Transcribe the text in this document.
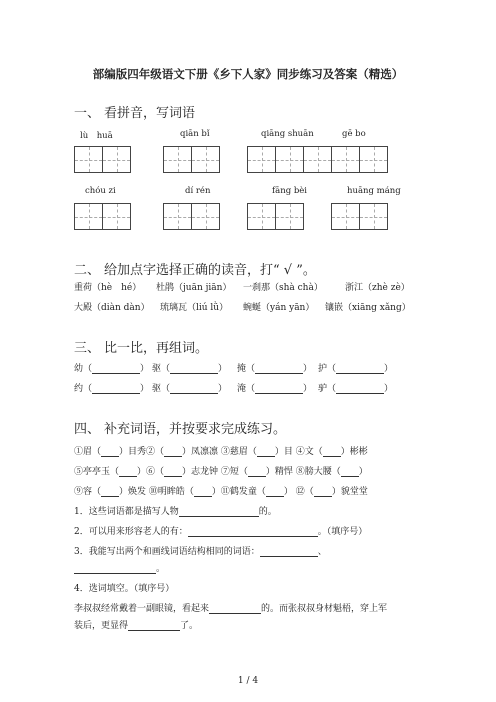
部编版四年级语文下册《乡下人家》同步练习及答案（精选）
一、 看拼音，写词语
lù　huā	qiān bǐ	qiāng shuān	gē bo
chóu zi	dí rén	fāng bèi	huāng máng
二、 给加点字选择正确的读音，打“ √ ”。
重荷（hè　hé） 杜鹃（juān jiān） 一刹那（shà chà） 浙江（zhè zè）
大殿（diàn dàn） 琉璃瓦（liú lǜ） 蜿蜒（yán yān） 镶嵌（xiāng xǎng）
三、 比一比，再组词。
幼（	） 驱（	） 掩（	） 护（	）
约（	） 驱（	） 淹（	） 驴（	）
四、 补充词语，并按要求完成练习。
①眉（ ）目秀②（ ）凤凛凛 ③慈眉（ ）目 ④文（ ）彬彬
⑤亭亭玉（ ）⑥（ ）志龙钟 ⑦短（ ）精悍 ⑧膀大腰（ ）
⑨容（ ）焕发 ⑩明眸皓（ ）⑪鹤发童（ ） ⑫（ ）貌堂堂
1．这些词语都是描写人物	的。
2．可以用来形容老人的有：	。（填序号）
3．我能写出两个和画线词语结构相同的词语：	、
。
4．选词填空。（填序号）
李叔叔经常戴着一副眼镜，看起来	的。而张叔叔身材魁梧，穿上军
装后，更显得	了。
1 / 4
